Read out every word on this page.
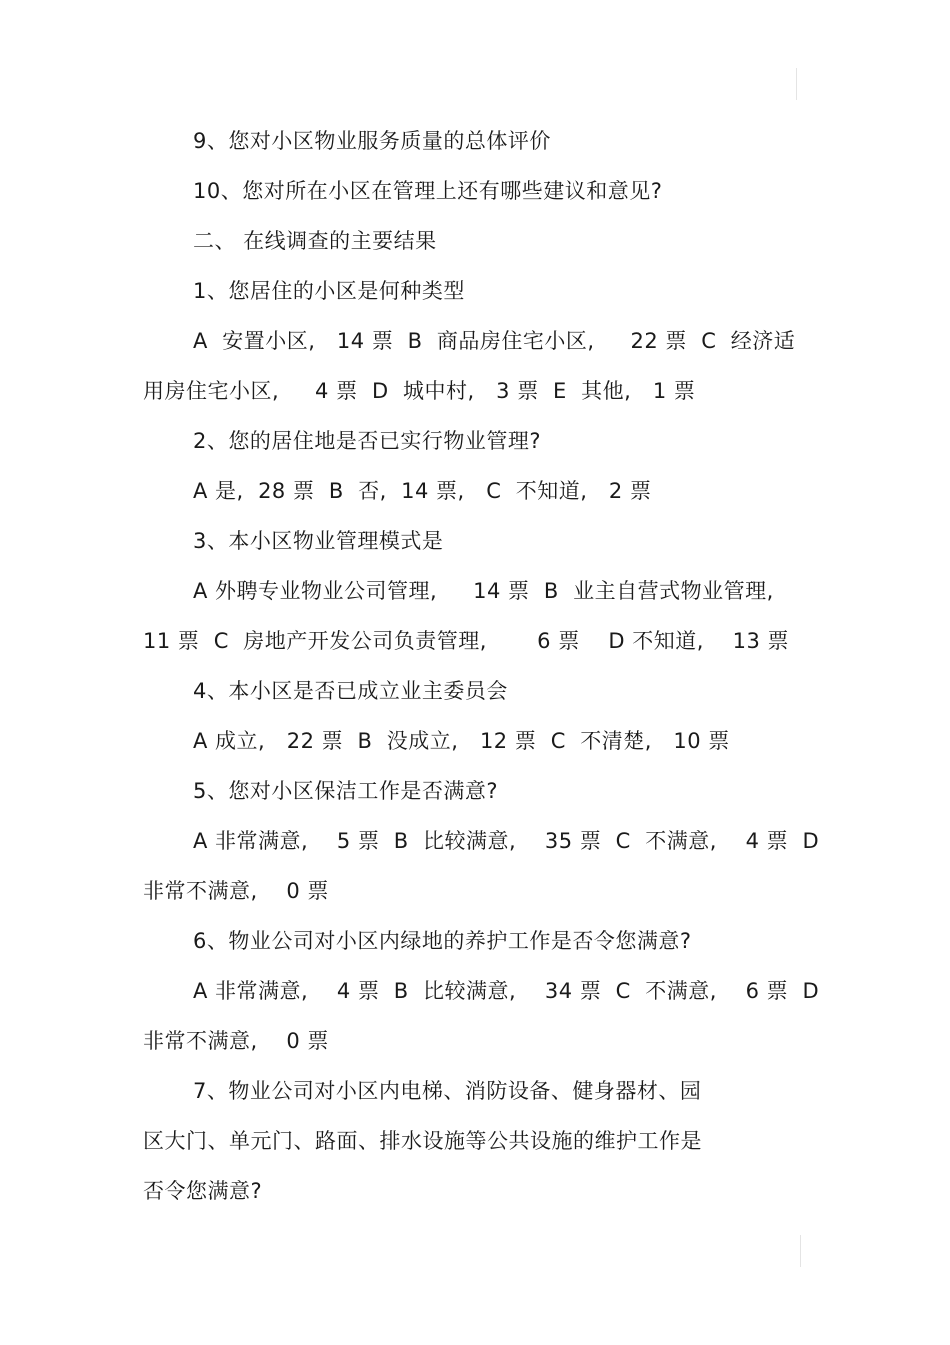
9、您对小区物业服务质量的总体评价
10、您对所在小区在管理上还有哪些建议和意见?
二、 在线调查的主要结果
1、您居住的小区是何种类型
A  安置小区,   14 票  B  商品房住宅小区,     22 票  C  经济适
用房住宅小区,     4 票  D  城中村,   3 票  E  其他,   1 票
2、您的居住地是否已实行物业管理?
A 是,  28 票  B  否,  14 票,   C  不知道,   2 票
3、本小区物业管理模式是
A 外聘专业物业公司管理,     14 票  B  业主自营式物业管理,
11 票  C  房地产开发公司负责管理,       6 票    D 不知道,    13 票
4、本小区是否已成立业主委员会
A 成立,   22 票  B  没成立,   12 票  C  不清楚,   10 票
5、您对小区保洁工作是否满意?
A 非常满意,    5 票  B  比较满意,    35 票  C  不满意,    4 票  D
非常不满意,    0 票
6、物业公司对小区内绿地的养护工作是否令您满意?
A 非常满意,    4 票  B  比较满意,    34 票  C  不满意,    6 票  D
非常不满意,    0 票
7、物业公司对小区内电梯、消防设备、健身器材、园
区大门、单元门、路面、排水设施等公共设施的维护工作是
否令您满意?
